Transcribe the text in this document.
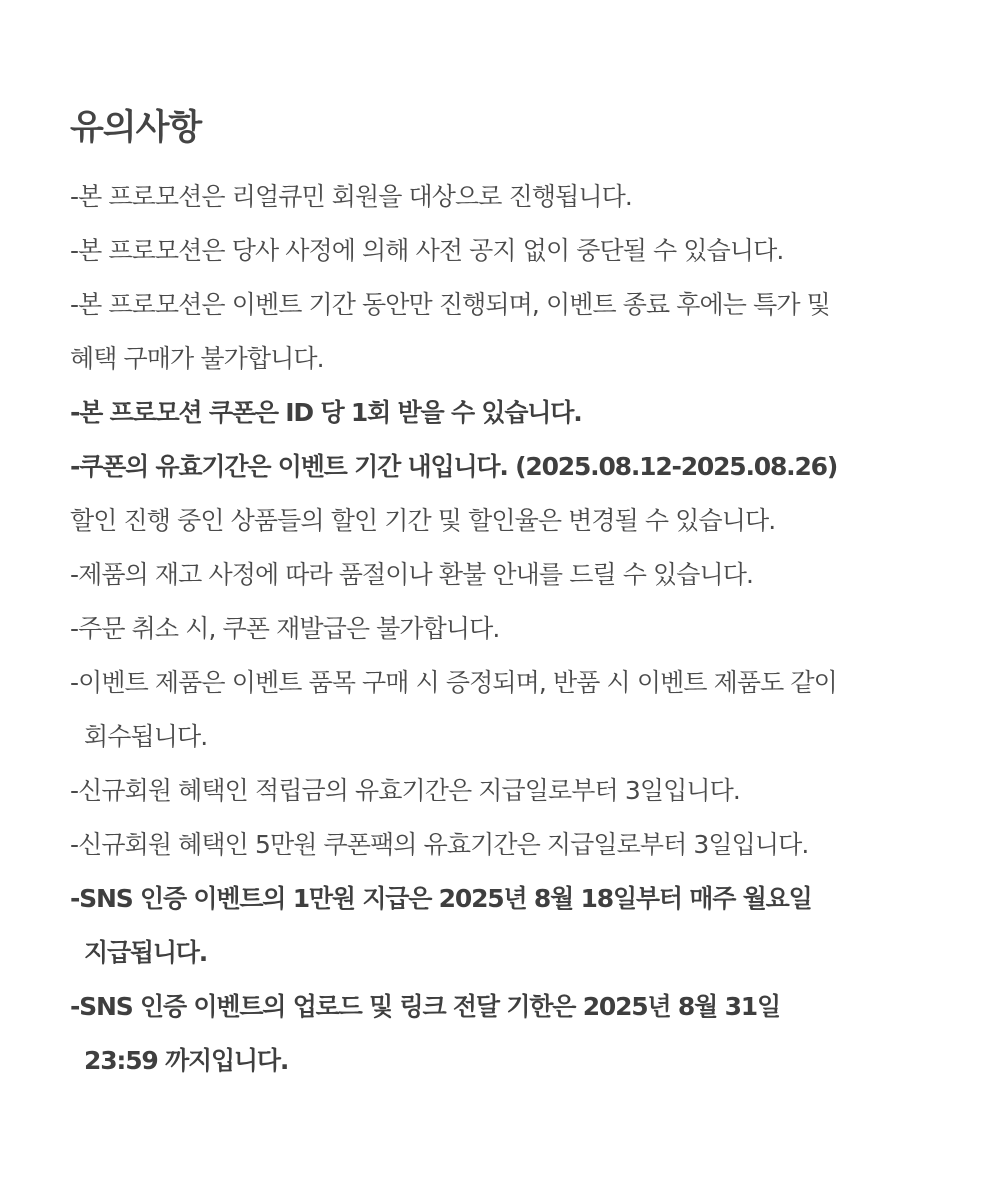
유의사항
-본 프로모션은 리얼큐민 회원을 대상으로 진행됩니다.
-본 프로모션은 당사 사정에 의해 사전 공지 없이 중단될 수 있습니다.
-본 프로모션은 이벤트 기간 동안만 진행되며, 이벤트 종료 후에는 특가 및
혜택 구매가 불가합니다.
-본 프로모션 쿠폰은 ID 당 1회 받을 수 있습니다.
-쿠폰의 유효기간은 이벤트 기간 내입니다. (2025.08.12-2025.08.26)
할인 진행 중인 상품들의 할인 기간 및 할인율은 변경될 수 있습니다.
-제품의 재고 사정에 따라 품절이나 환불 안내를 드릴 수 있습니다.
-주문 취소 시, 쿠폰 재발급은 불가합니다.
-이벤트 제품은 이벤트 품목 구매 시 증정되며, 반품 시 이벤트 제품도 같이
회수됩니다.
-신규회원 혜택인 적립금의 유효기간은 지급일로부터 3일입니다.
-신규회원 혜택인 5만원 쿠폰팩의 유효기간은 지급일로부터 3일입니다.
-SNS 인증 이벤트의 1만원 지급은 2025년 8월 18일부터 매주 월요일
지급됩니다.
-SNS 인증 이벤트의 업로드 및 링크 전달 기한은 2025년 8월 31일
23:59 까지입니다.
